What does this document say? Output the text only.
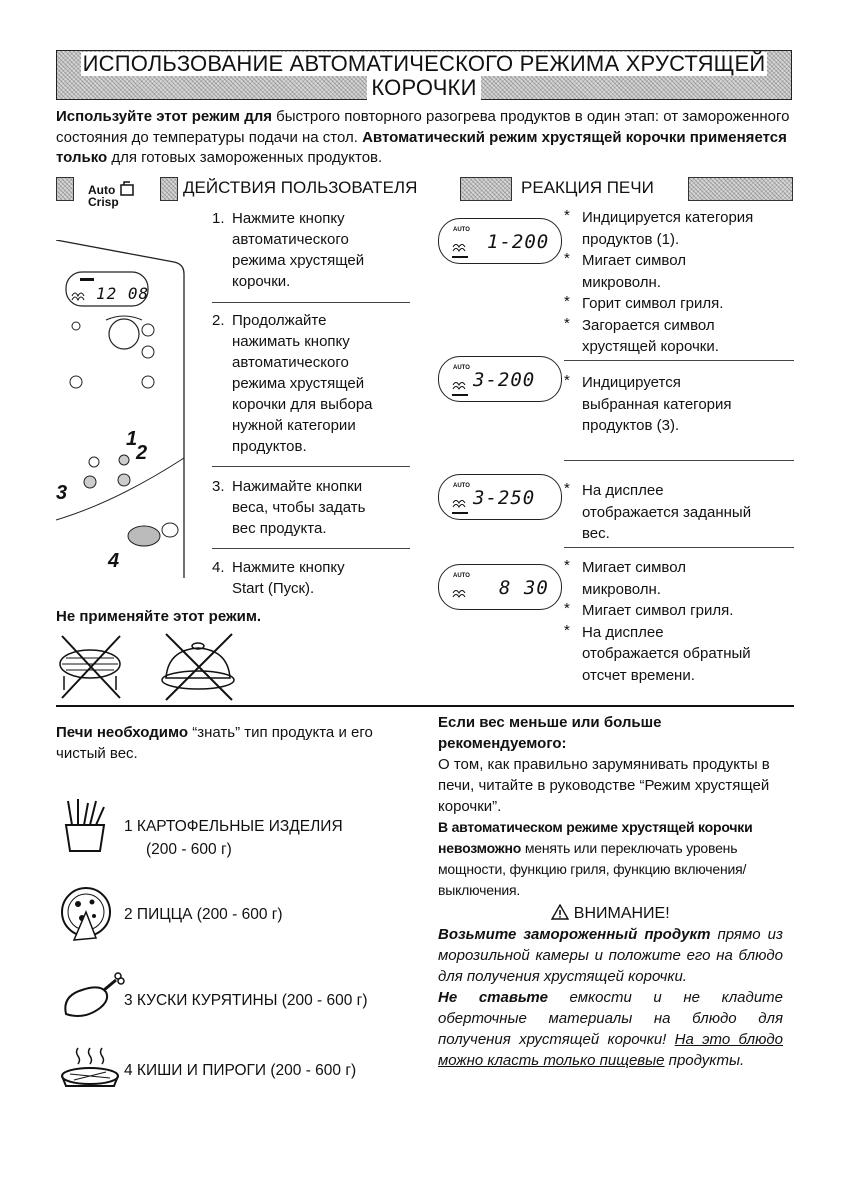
ИСПОЛЬЗОВАНИЕ АВТОМАТИЧЕСКОГО РЕЖИМА ХРУСТЯЩЕЙ
КОРОЧКИ
Используйте этот режим для быстрого повторного разогрева продуктов в один этап: от замороженного состояния до температуры подачи на стол. Автоматический режим хрустящей корочки применяется только для готовых замороженных продуктов.
Auto
Crisp
ДЕЙСТВИЯ ПОЛЬЗОВАТЕЛЯ	РЕАКЦИЯ ПЕЧИ
12 08
1
2
3
4
1. Нажмите кнопку
автоматического
режима хрустящей
корочки.
2. Продолжайте
нажимать кнопку
автоматического
режима хрустящей
корочки для выбора
нужной категории
продуктов.
3. Нажимайте кнопки
веса, чтобы задать
вес продукта.
4. Нажмите кнопку
Start (Пуск).
AUTO
1-200
AUTO
3-200
AUTO
3-250
AUTO
8 30
* Индицируется категория
продуктов (1).
* Мигает символ
микроволн.
* Горит символ гриля.
* Загорается символ
хрустящей корочки.
* Индицируется
выбранная категория
продуктов (3).
* На дисплее
отображается заданный
вес.
* Мигает символ
микроволн.
* Мигает символ гриля.
* На дисплее
отображается обратный
отсчет времени.
Не применяйте этот режим.
Печи необходимо “знать” тип продукта и его чистый вес.
1 КАРТОФЕЛЬНЫЕ ИЗДЕЛИЯ
(200 - 600 г)
2 ПИЦЦА (200 - 600 г)
3 КУСКИ КУРЯТИНЫ (200 - 600 г)
4 КИШИ И ПИРОГИ (200 - 600 г)
Если вес меньше или больше рекомендуемого:
О том, как правильно зарумянивать продукты в печи, читайте в руководстве “Режим хрустящей корочки”.
В автоматическом режиме хрустящей корочки невозможно менять или переключать уровень мощности, функцию гриля, функцию включения/выключения.
ВНИМАНИЕ!
Возьмите замороженный продукт прямо из морозильной камеры и положите его на блюдо для получения хрустящей корочки.
Не ставьте емкости и не кладите оберточные материалы на блюдо для получения хрустящей корочки! На это блюдо можно класть только пищевые продукты.
